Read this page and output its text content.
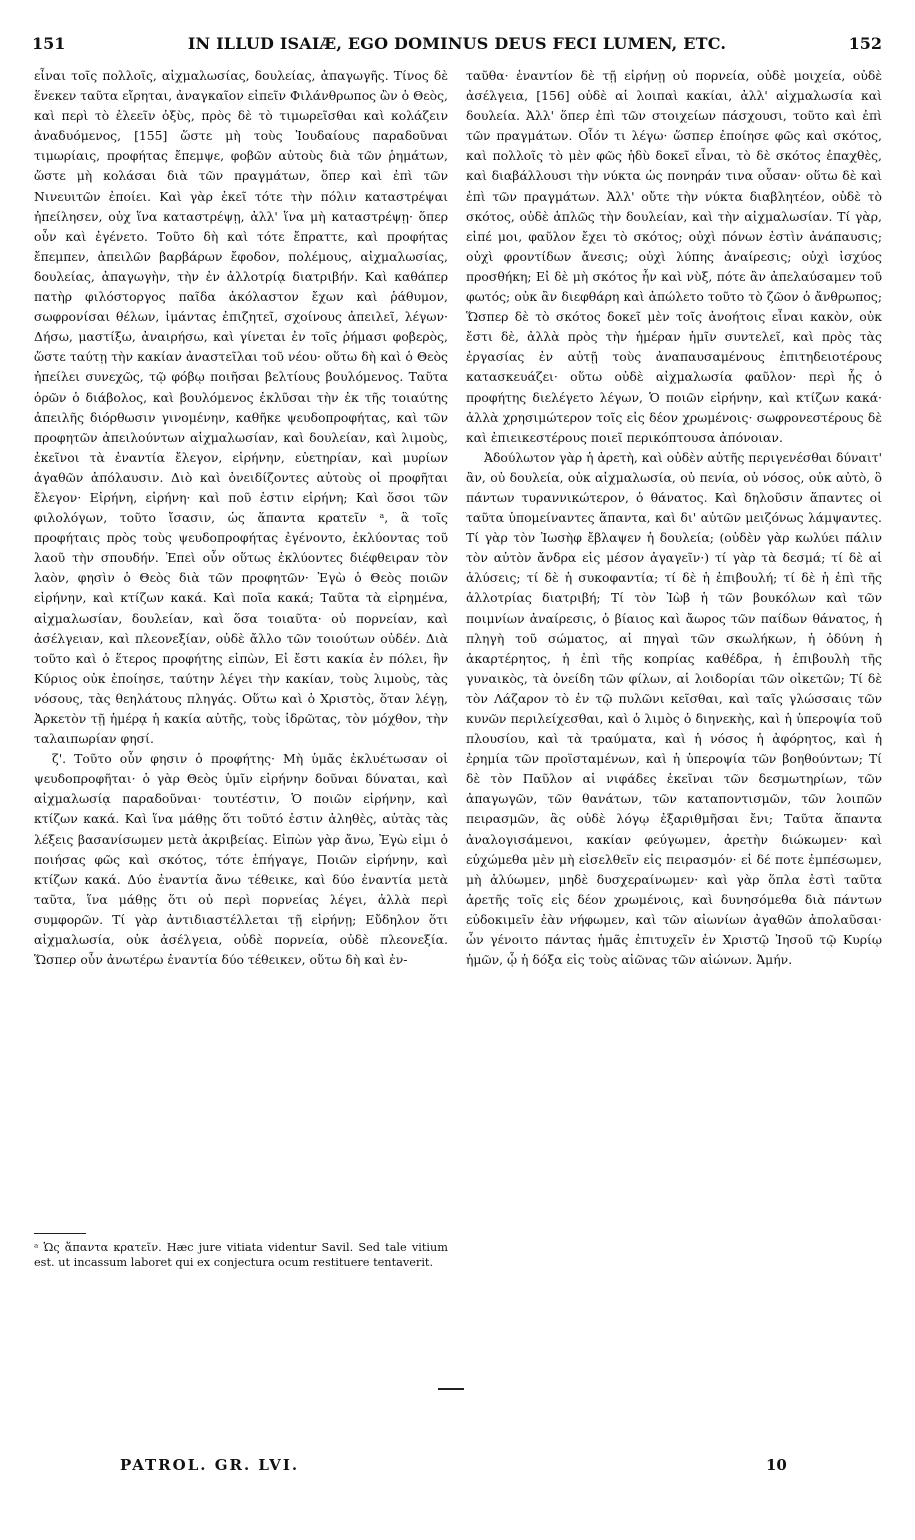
151	IN ILLUD ISAIÆ, EGO DOMINUS DEUS FECI LUMEN, ETC.	152

εἶναι τοῖς πολλοῖς, αἰχμαλωσίας, δουλείας, ἀπαγωγῆς. Τίνος δὲ ἕνεκεν ταῦτα εἴρηται, ἀναγκαῖον εἰπεῖν Φιλάνθρωπος ὢν ὁ Θεὸς, καὶ περὶ τὸ ἐλεεῖν ὀξὺς, πρὸς δὲ τὸ τιμωρεῖσθαι καὶ κολάζειν ἀναδυόμενος, [155] ὥστε μὴ τοὺς Ἰουδαίους παραδοῦναι τιμωρίαις, προφήτας ἔπεμψε, φοβῶν αὐτοὺς διὰ τῶν ῥημάτων, ὥστε μὴ κολάσαι διὰ τῶν πραγμάτων, ὅπερ καὶ ἐπὶ τῶν Νινευιτῶν ἐποίει. Καὶ γὰρ ἐκεῖ τότε τὴν πόλιν καταστρέψαι ἠπείλησεν, οὐχ ἵνα καταστρέψῃ, ἀλλ' ἵνα μὴ καταστρέψῃ· ὅπερ οὖν καὶ ἐγένετο. Τοῦτο δὴ καὶ τότε ἔπραττε, καὶ προφήτας ἔπεμπεν, ἀπειλῶν βαρβάρων ἔφοδον, πολέμους, αἰχμαλωσίας, δουλείας, ἀπαγωγὴν, τὴν ἐν ἀλλοτρίᾳ διατριβήν. Καὶ καθάπερ πατὴρ φιλόστοργος παῖδα ἀκόλαστον ἔχων καὶ ῥάθυμον, σωφρονίσαι θέλων, ἱμάντας ἐπιζητεῖ, σχοίνους ἀπειλεῖ, λέγων· Δήσω, μαστίξω, ἀναιρήσω, καὶ γίνεται ἐν τοῖς ῥήμασι φοβερὸς, ὥστε ταύτῃ τὴν κακίαν ἀναστεῖλαι τοῦ νέου· οὕτω δὴ καὶ ὁ Θεὸς ἠπείλει συνεχῶς, τῷ φόβῳ ποιῆσαι βελτίους βουλόμενος. Ταῦτα ὁρῶν ὁ διάβολος, καὶ βουλόμενος ἐκλῦσαι τὴν ἐκ τῆς τοιαύτης ἀπειλῆς διόρθωσιν γινομένην, καθῆκε ψευδοπροφήτας, καὶ τῶν προφητῶν ἀπειλούντων αἰχμαλωσίαν, καὶ δουλείαν, καὶ λιμοὺς, ἐκεῖνοι τὰ ἐναντία ἔλεγον, εἰρήνην, εὐετηρίαν, καὶ μυρίων ἀγαθῶν ἀπόλαυσιν. Διὸ καὶ ὀνειδίζοντες αὐτοὺς οἱ προφῆται ἔλεγον· Εἰρήνη, εἰρήνη· καὶ ποῦ ἐστιν εἰρήνη; Καὶ ὅσοι τῶν φιλολόγων, τοῦτο ἴσασιν, ὡς ἅπαντα κρατεῖν ᵃ, ἃ τοῖς προφήταις πρὸς τοὺς ψευδοπροφήτας ἐγένοντο, ἐκλύοντας τοῦ λαοῦ τὴν σπουδήν. Ἐπεὶ οὖν οὕτως ἐκλύοντες διέφθειραν τὸν λαὸν, φησὶν ὁ Θεὸς διὰ τῶν προφητῶν· Ἐγὼ ὁ Θεὸς ποιῶν εἰρήνην, καὶ κτίζων κακά. Καὶ ποῖα κακά; Ταῦτα τὰ εἰρημένα, αἰχμαλωσίαν, δουλείαν, καὶ ὅσα τοιαῦτα· οὐ πορνείαν, καὶ ἀσέλγειαν, καὶ πλεονεξίαν, οὐδὲ ἄλλο τῶν τοιούτων οὐδέν. Διὰ τοῦτο καὶ ὁ ἕτερος προφήτης εἰπὼν, Εἰ ἔστι κακία ἐν πόλει, ἣν Κύριος οὐκ ἐποίησε, ταύτην λέγει τὴν κακίαν, τοὺς λιμοὺς, τὰς νόσους, τὰς θεηλάτους πληγάς. Οὕτω καὶ ὁ Χριστὸς, ὅταν λέγῃ, Ἀρκετὸν τῇ ἡμέρᾳ ἡ κακία αὐτῆς, τοὺς ἱδρῶτας, τὸν μόχθον, τὴν ταλαιπωρίαν φησί.

ζ'. Τοῦτο οὖν φησιν ὁ προφήτης· Μὴ ὑμᾶς ἐκλυέτωσαν οἱ ψευδοπροφῆται· ὁ γὰρ Θεὸς ὑμῖν εἰρήνην δοῦναι δύναται, καὶ αἰχμαλωσίᾳ παραδοῦναι· τουτέστιν, Ὁ ποιῶν εἰρήνην, καὶ κτίζων κακά. Καὶ ἵνα μάθῃς ὅτι τοῦτό ἐστιν ἀληθὲς, αὐτὰς τὰς λέξεις βασανίσωμεν μετὰ ἀκριβείας. Εἰπὼν γὰρ ἄνω, Ἐγὼ εἰμι ὁ ποιήσας φῶς καὶ σκότος, τότε ἐπήγαγε, Ποιῶν εἰρήνην, καὶ κτίζων κακά. Δύο ἐναντία ἄνω τέθεικε, καὶ δύο ἐναντία μετὰ ταῦτα, ἵνα μάθῃς ὅτι οὐ περὶ πορνείας λέγει, ἀλλὰ περὶ συμφορῶν. Τί γὰρ ἀντιδιαστέλλεται τῇ εἰρήνῃ; Εὔδηλον ὅτι αἰχμαλωσία, οὐκ ἀσέλγεια, οὐδὲ πορνεία, οὐδὲ πλεονεξία. Ὥσπερ οὖν ἀνωτέρω ἐναντία δύο τέθεικεν, οὕτω δὴ καὶ ἐν-

ταῦθα· ἐναντίον δὲ τῇ εἰρήνῃ οὐ πορνεία, οὐδὲ μοιχεία, οὐδὲ ἀσέλγεια, [156] οὐδὲ αἱ λοιπαὶ κακίαι, ἀλλ' αἰχμαλωσία καὶ δουλεία. Ἀλλ' ὅπερ ἐπὶ τῶν στοιχείων πάσχουσι, τοῦτο καὶ ἐπὶ τῶν πραγμάτων. Οἷόν τι λέγω· ὥσπερ ἐποίησε φῶς καὶ σκότος, καὶ πολλοῖς τὸ μὲν φῶς ἡδὺ δοκεῖ εἶναι, τὸ δὲ σκότος ἐπαχθὲς, καὶ διαβάλλουσι τὴν νύκτα ὡς πονηράν τινα οὖσαν· οὕτω δὲ καὶ ἐπὶ τῶν πραγμάτων. Ἀλλ' οὔτε τὴν νύκτα διαβλητέον, οὐδὲ τὸ σκότος, οὐδὲ ἁπλῶς τὴν δουλείαν, καὶ τὴν αἰχμαλωσίαν. Τί γὰρ, εἰπέ μοι, φαῦλον ἔχει τὸ σκότος; οὐχὶ πόνων ἐστὶν ἀνάπαυσις; οὐχὶ φροντίδων ἄνεσις; οὐχὶ λύπης ἀναίρεσις; οὐχὶ ἰσχύος προσθήκη; Εἰ δὲ μὴ σκότος ἦν καὶ νὺξ, πότε ἂν ἀπελαύσαμεν τοῦ φωτός; οὐκ ἂν διεφθάρη καὶ ἀπώλετο τοῦτο τὸ ζῶον ὁ ἄνθρωπος; Ὥσπερ δὲ τὸ σκότος δοκεῖ μὲν τοῖς ἀνοήτοις εἶναι κακὸν, οὐκ ἔστι δὲ, ἀλλὰ πρὸς τὴν ἡμέραν ἡμῖν συντελεῖ, καὶ πρὸς τὰς ἐργασίας ἐν αὐτῇ τοὺς ἀναπαυσαμένους ἐπιτηδειοτέρους κατασκευάζει· οὕτω οὐδὲ αἰχμαλωσία φαῦλον· περὶ ἧς ὁ προφήτης διελέγετο λέγων, Ὁ ποιῶν εἰρήνην, καὶ κτίζων κακά· ἀλλὰ χρησιμώτερον τοῖς εἰς δέον χρωμένοις· σωφρονεστέρους δὲ καὶ ἐπιεικεστέρους ποιεῖ περικόπτουσα ἀπόνοιαν.

Ἀδούλωτον γὰρ ἡ ἀρετὴ, καὶ οὐδὲν αὐτῆς περιγενέσθαι δύναιτ' ἂν, οὐ δουλεία, οὐκ αἰχμαλωσία, οὐ πενία, οὐ νόσος, οὐκ αὐτὸ, ὃ πάντων τυραννικώτερον, ὁ θάνατος. Καὶ δηλοῦσιν ἅπαντες οἱ ταῦτα ὑπομείναντες ἅπαντα, καὶ δι' αὐτῶν μειζόνως λάμψαντες. Τί γὰρ τὸν Ἰωσὴφ ἔβλαψεν ἡ δουλεία; (οὐδὲν γὰρ κωλύει πάλιν τὸν αὐτὸν ἄνδρα εἰς μέσον ἀγαγεῖν·) τί γὰρ τὰ δεσμά; τί δὲ αἱ ἁλύσεις; τί δὲ ἡ συκοφαντία; τί δὲ ἡ ἐπιβουλή; τί δὲ ἡ ἐπὶ τῆς ἀλλοτρίας διατριβή; Τί τὸν Ἰὼβ ἡ τῶν βουκόλων καὶ τῶν ποιμνίων ἀναίρεσις, ὁ βίαιος καὶ ἄωρος τῶν παίδων θάνατος, ἡ πληγὴ τοῦ σώματος, αἱ πηγαὶ τῶν σκωλήκων, ἡ ὀδύνη ἡ ἀκαρτέρητος, ἡ ἐπὶ τῆς κοπρίας καθέδρα, ἡ ἐπιβουλὴ τῆς γυναικὸς, τὰ ὀνείδη τῶν φίλων, αἱ λοιδορίαι τῶν οἰκετῶν; Τί δὲ τὸν Λάζαρον τὸ ἐν τῷ πυλῶνι κεῖσθαι, καὶ ταῖς γλώσσαις τῶν κυνῶν περιλείχεσθαι, καὶ ὁ λιμὸς ὁ διηνεκὴς, καὶ ἡ ὑπεροψία τοῦ πλουσίου, καὶ τὰ τραύματα, καὶ ἡ νόσος ἡ ἀφόρητος, καὶ ἡ ἐρημία τῶν προϊσταμένων, καὶ ἡ ὑπεροψία τῶν βοηθούντων; Τί δὲ τὸν Παῦλον αἱ νιφάδες ἐκεῖναι τῶν δεσμωτηρίων, τῶν ἀπαγωγῶν, τῶν θανάτων, τῶν καταποντισμῶν, τῶν λοιπῶν πειρασμῶν, ἃς οὐδὲ λόγῳ ἐξαριθμῆσαι ἔνι; Ταῦτα ἅπαντα ἀναλογισάμενοι, κακίαν φεύγωμεν, ἀρετὴν διώκωμεν· καὶ εὐχώμεθα μὲν μὴ εἰσελθεῖν εἰς πειρασμόν· εἰ δέ ποτε ἐμπέσωμεν, μὴ ἀλύωμεν, μηδὲ δυσχεραίνωμεν· καὶ γὰρ ὅπλα ἐστὶ ταῦτα ἀρετῆς τοῖς εἰς δέον χρωμένοις, καὶ δυνησόμεθα διὰ πάντων εὐδοκιμεῖν ἐὰν νήφωμεν, καὶ τῶν αἰωνίων ἀγαθῶν ἀπολαῦσαι· ὧν γένοιτο πάντας ἡμᾶς ἐπιτυχεῖν ἐν Χριστῷ Ἰησοῦ τῷ Κυρίῳ ἡμῶν, ᾧ ἡ δόξα εἰς τοὺς αἰῶνας τῶν αἰώνων. Ἀμήν.

ᵃ Ὡς ἅπαντα κρατεῖν. Hæc jure vitiata videntur Savil. Sed tale vitium est. ut incassum laboret qui ex conjectura ocum restituere tentaverit.
PATROL. GR. LVI.	10
